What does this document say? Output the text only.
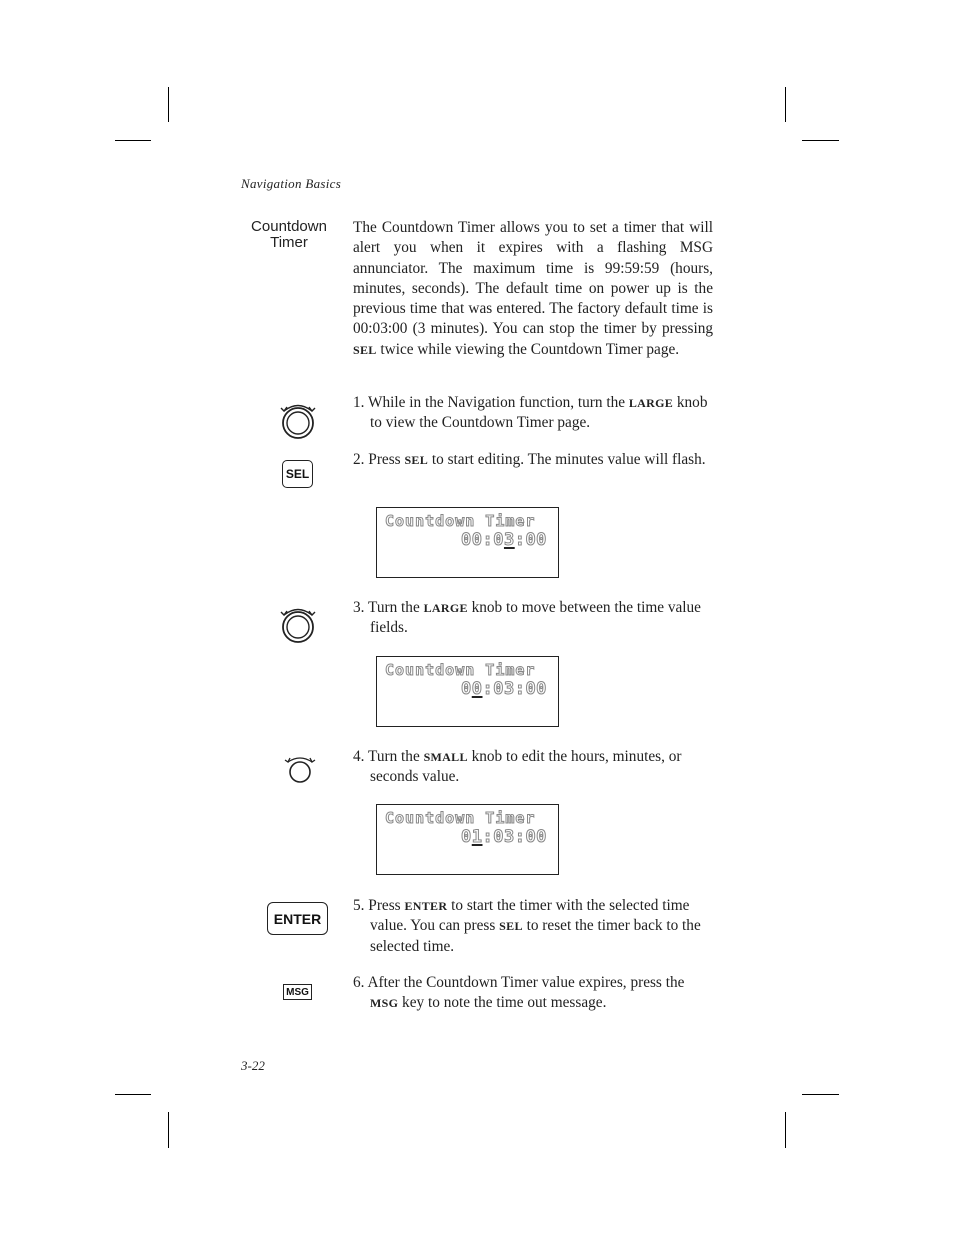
Navigation Basics
Countdown
Timer
The Countdown Timer allows you to set a timer that will alert you when it expires with a flashing MSG annunciator. The maximum time is 99:59:59 (hours, minutes, seconds). The default time on power up is the previous time that was entered. The factory default time is 00:03:00 (3 minutes). You can stop the timer by pressing SEL twice while viewing the Countdown Timer page.
1. While in the Navigation function, turn the LARGE knob to view the Countdown Timer page.
SEL
2. Press SEL to start editing. The minutes value will flash.
Countdown Timer
00:03:00
3. Turn the LARGE knob to move between the time value fields.
Countdown Timer
00:03:00
4. Turn the SMALL knob to edit the hours, minutes, or seconds value.
Countdown Timer
01:03:00
ENTER
5. Press ENTER to start the timer with the selected time value. You can press SEL to reset the timer back to the selected time.
MSG
6. After the Countdown Timer value expires, press the MSG key to note the time out message.
3-22
